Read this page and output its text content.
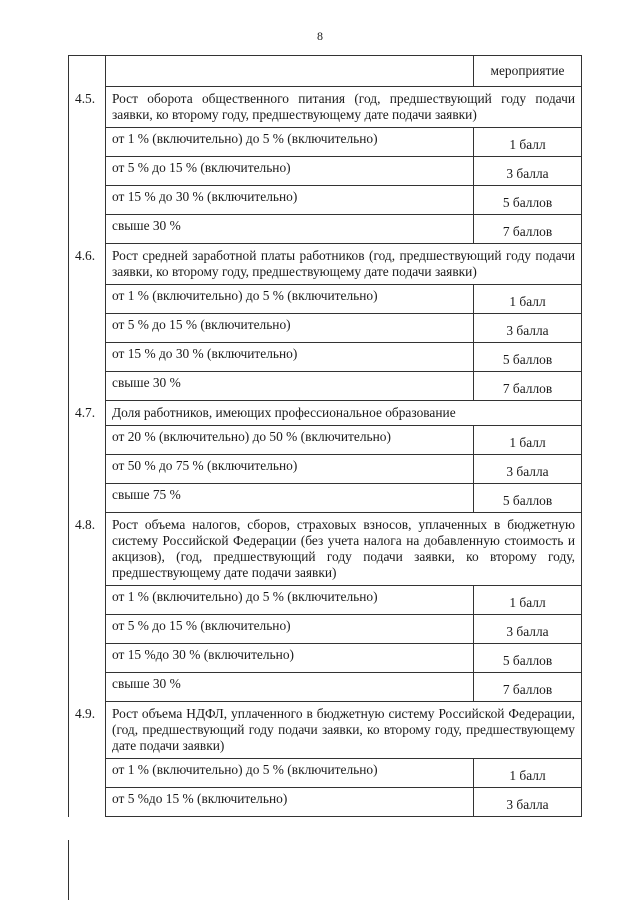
8
		мероприятие
4.5.	Рост оборота общественного питания (год, предшествующий году подачи заявки, ко второму году, предшествующему дате подачи заявки)	
	от 1 % (включительно) до 5 % (включительно)	1 балл
	от 5 % до 15 % (включительно)	3 балла
	от 15 % до 30 % (включительно)	5 баллов
	свыше 30 %	7 баллов
4.6.	Рост средней заработной платы работников (год, предшествующий году подачи заявки, ко второму году, предшествующему дате подачи заявки)	
	от 1 % (включительно) до 5 % (включительно)	1 балл
	от 5 % до 15 % (включительно)	3 балла
	от 15 % до 30 % (включительно)	5 баллов
	свыше 30 %	7 баллов
4.7.	Доля работников, имеющих профессиональное образование	
	от 20 % (включительно) до 50 % (включительно)	1 балл
	от 50 % до 75 % (включительно)	3 балла
	свыше 75 %	5 баллов
4.8.	Рост объема налогов, сборов, страховых взносов, уплаченных в бюджетную систему Российской Федерации (без учета налога на добавленную стоимость и акцизов), (год, предшествующий году подачи заявки, ко второму году, предшествующему дате подачи заявки)	
	от 1 % (включительно) до 5 % (включительно)	1 балл
	от 5 % до 15 % (включительно)	3 балла
	от 15 %до 30 % (включительно)	5 баллов
	свыше 30 %	7 баллов
4.9.	Рост объема НДФЛ, уплаченного в бюджетную систему Российской Федерации, (год, предшествующий году подачи заявки, ко второму году, предшествующему дате подачи заявки)	
	от 1 % (включительно) до 5 % (включительно)	1 балл
	от 5 %до 15 % (включительно)	3 балла
